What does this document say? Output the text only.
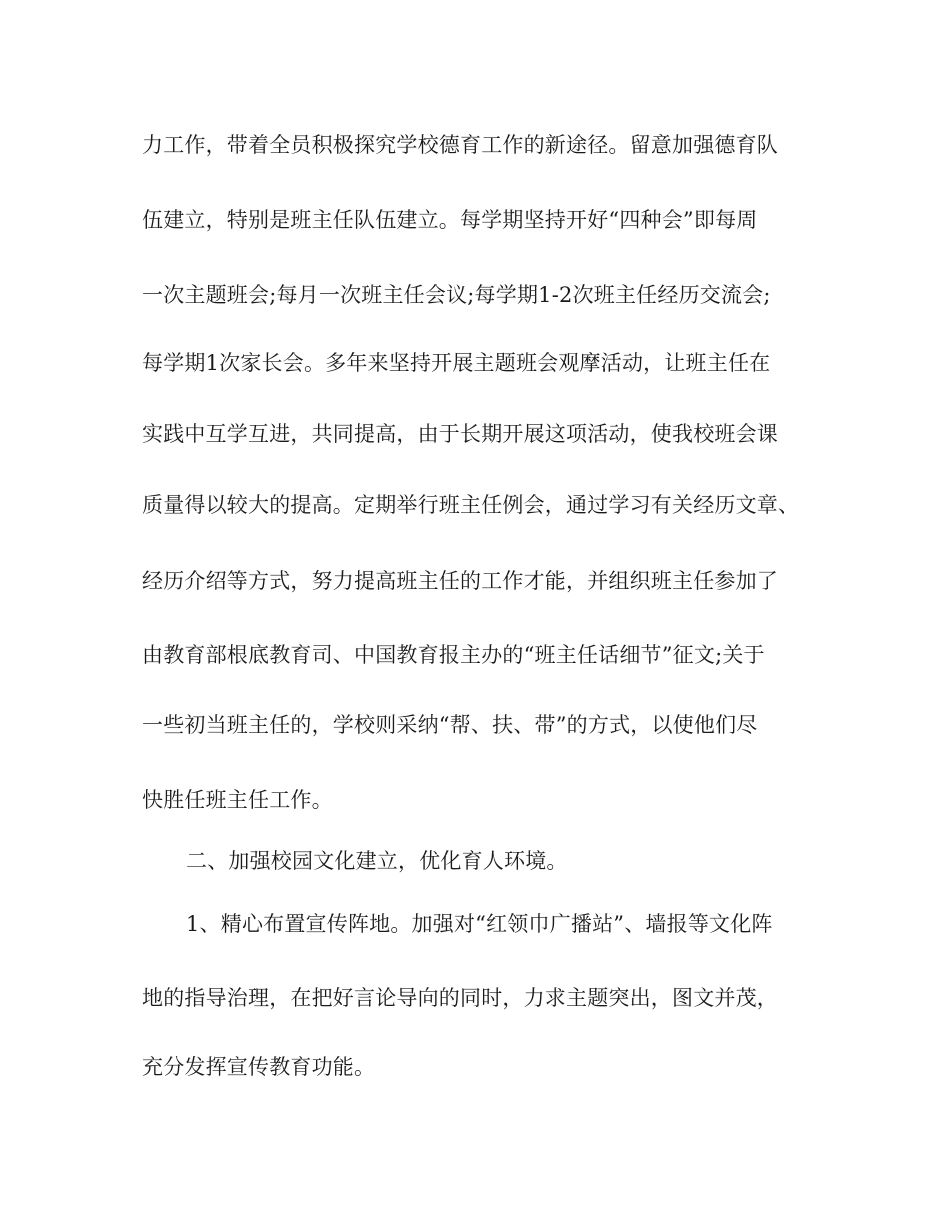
力工作，带着全员积极探究学校德育工作的新途径。留意加强德育队
伍建立，特别是班主任队伍建立。每学期坚持开好“四种会”即每周
一次主题班会;每月一次班主任会议;每学期1-2次班主任经历交流会;
每学期1次家长会。多年来坚持开展主题班会观摩活动，让班主任在
实践中互学互进，共同提高，由于长期开展这项活动，使我校班会课
质量得以较大的提高。定期举行班主任例会，通过学习有关经历文章、
经历介绍等方式，努力提高班主任的工作才能，并组织班主任参加了
由教育部根底教育司、中国教育报主办的“班主任话细节”征文;关于
一些初当班主任的，学校则采纳“帮、扶、带”的方式，以使他们尽
快胜任班主任工作。
二、加强校园文化建立，优化育人环境。
1、精心布置宣传阵地。加强对“红领巾广播站”、墙报等文化阵
地的指导治理，在把好言论导向的同时，力求主题突出，图文并茂，
充分发挥宣传教育功能。
